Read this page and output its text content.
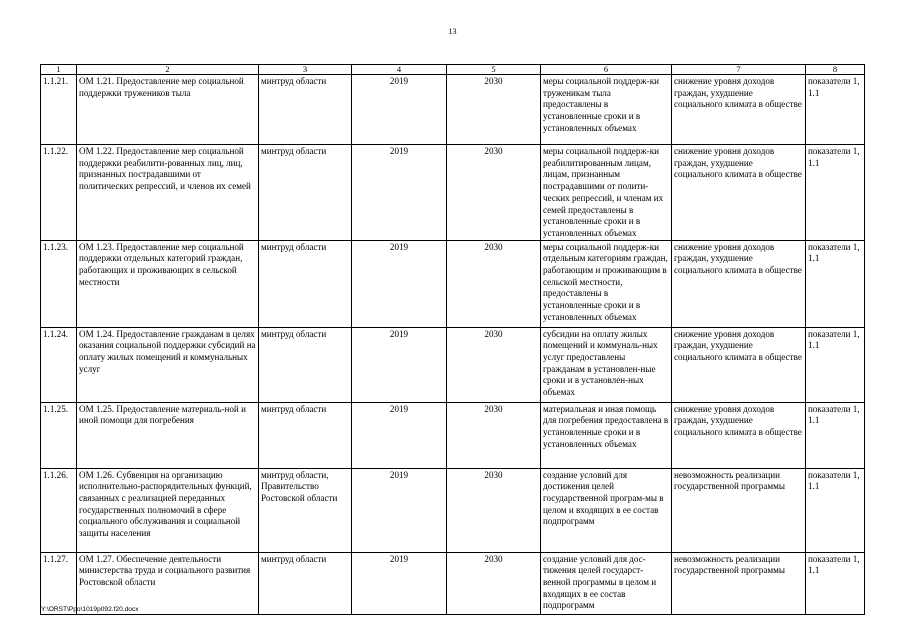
13
1	2	3	4	5	6	7	8
1.1.21.	ОМ 1.21. Предоставление мер социальной поддержки тружеников тыла	минтруд области	2019	2030	меры социальной поддерж-ки труженикам тыла предоставлены в установленные сроки и в установленных объемах	снижение уровня доходов граждан, ухудшение социального климата в обществе	показатели 1, 1.1
1.1.22.	ОМ 1.22. Предоставление мер социальной поддержки реабилити-рованных лиц, лиц, признанных пострадавшими от политических репрессий, и членов их семей	минтруд области	2019	2030	меры социальной поддерж-ки реабилитированным лицам, лицам, признанным пострадавшими от полити-ческих репрессий, и членам их семей предоставлены в установленные сроки и в установленных объемах	снижение уровня доходов граждан, ухудшение социального климата в обществе	показатели 1, 1.1
1.1.23.	ОМ 1.23. Предоставление мер социальной поддержки отдельных категорий граждан, работающих и проживающих в сельской местности	минтруд области	2019	2030	меры социальной поддерж-ки отдельным категориям граждан, работающим и проживающим в сельской местности, предоставлены в установленные сроки и в установленных объемах	снижение уровня доходов граждан, ухудшение социального климата в обществе	показатели 1, 1.1
1.1.24.	ОМ 1.24. Предоставление гражданам в целях оказания социальной поддержки субсидий на оплату жилых помещений и коммунальных услуг	минтруд области	2019	2030	субсидии на оплату жилых помещений и коммуналь-ных услуг предоставлены гражданам в установлен-ные сроки и в установлен-ных объемах	снижение уровня доходов граждан, ухудшение социального климата в обществе	показатели 1, 1.1
1.1.25.	ОМ 1.25. Предоставление материаль-ной и иной помощи для погребения	минтруд области	2019	2030	материальная и иная помощь для погребения предоставлена в установленные сроки и в установленных объемах	снижение уровня доходов граждан, ухудшение социального климата в обществе	показатели 1, 1.1
1.1.26.	ОМ 1.26. Субвенция на организацию исполнительно-распорядительных функций, связанных с реализацией переданных государственных полномочий в сфере социального обслуживания и социальной защиты населения	минтруд области, Правительство Ростовской области	2019	2030	создание условий для достижения целей государственной програм-мы в целом и входящих в ее состав подпрограмм	невозможность реализации государственной программы	показатели 1, 1.1
1.1.27.	ОМ 1.27. Обеспечение деятельности министерства труда и социального развития Ростовской области	минтруд области	2019	2030	создание условий для дос-тижения целей государст-венной программы в целом и входящих в ее состав подпрограмм	невозможность реализации государственной программы	показатели 1, 1.1
Y:\ORST\Ppo\1019p092.f20.docx
